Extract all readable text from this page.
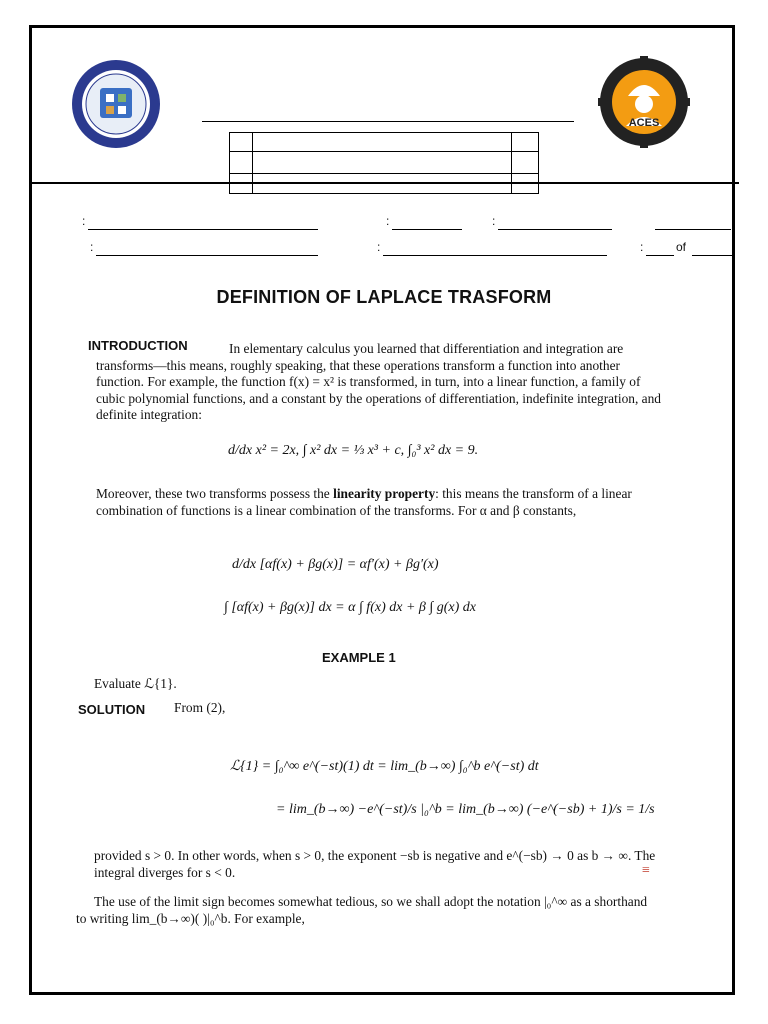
ACES
:	:	:
:	:	:	of
DEFINITION OF LAPLACE TRASFORM
INTRODUCTION	In elementary calculus you learned that differentiation and integration are transforms—this means, roughly speaking, that these operations transform a function into another function. For example, the function f(x) = x² is transformed, in turn, into a linear function, a family of cubic polynomial functions, and a constant by the operations of differentiation, indefinite integration, and definite integration:
d/dx x² = 2x, ∫ x² dx = ⅓ x³ + c, ∫₀³ x² dx = 9.
Moreover, these two transforms possess the linearity property: this means the transform of a linear combination of functions is a linear combination of the transforms. For α and β constants,
d/dx [αf(x) + βg(x)] = αf′(x) + βg′(x)
∫ [αf(x) + βg(x)] dx = α ∫ f(x) dx + β ∫ g(x) dx
EXAMPLE 1
Evaluate ℒ{1}.
SOLUTION From (2),
ℒ{1} = ∫₀^∞ e^(−st)(1) dt = lim_(b→∞) ∫₀^b e^(−st) dt
= lim_(b→∞) −e^(−st)/s |₀^b = lim_(b→∞) (−e^(−sb) + 1)/s = 1/s
provided s > 0. In other words, when s > 0, the exponent −sb is negative and e^(−sb) → 0 as b → ∞. The integral diverges for s < 0.	≡
The use of the limit sign becomes somewhat tedious, so we shall adopt the notation |₀^∞ as a shorthand to writing lim_(b→∞)( )|₀^b. For example,
